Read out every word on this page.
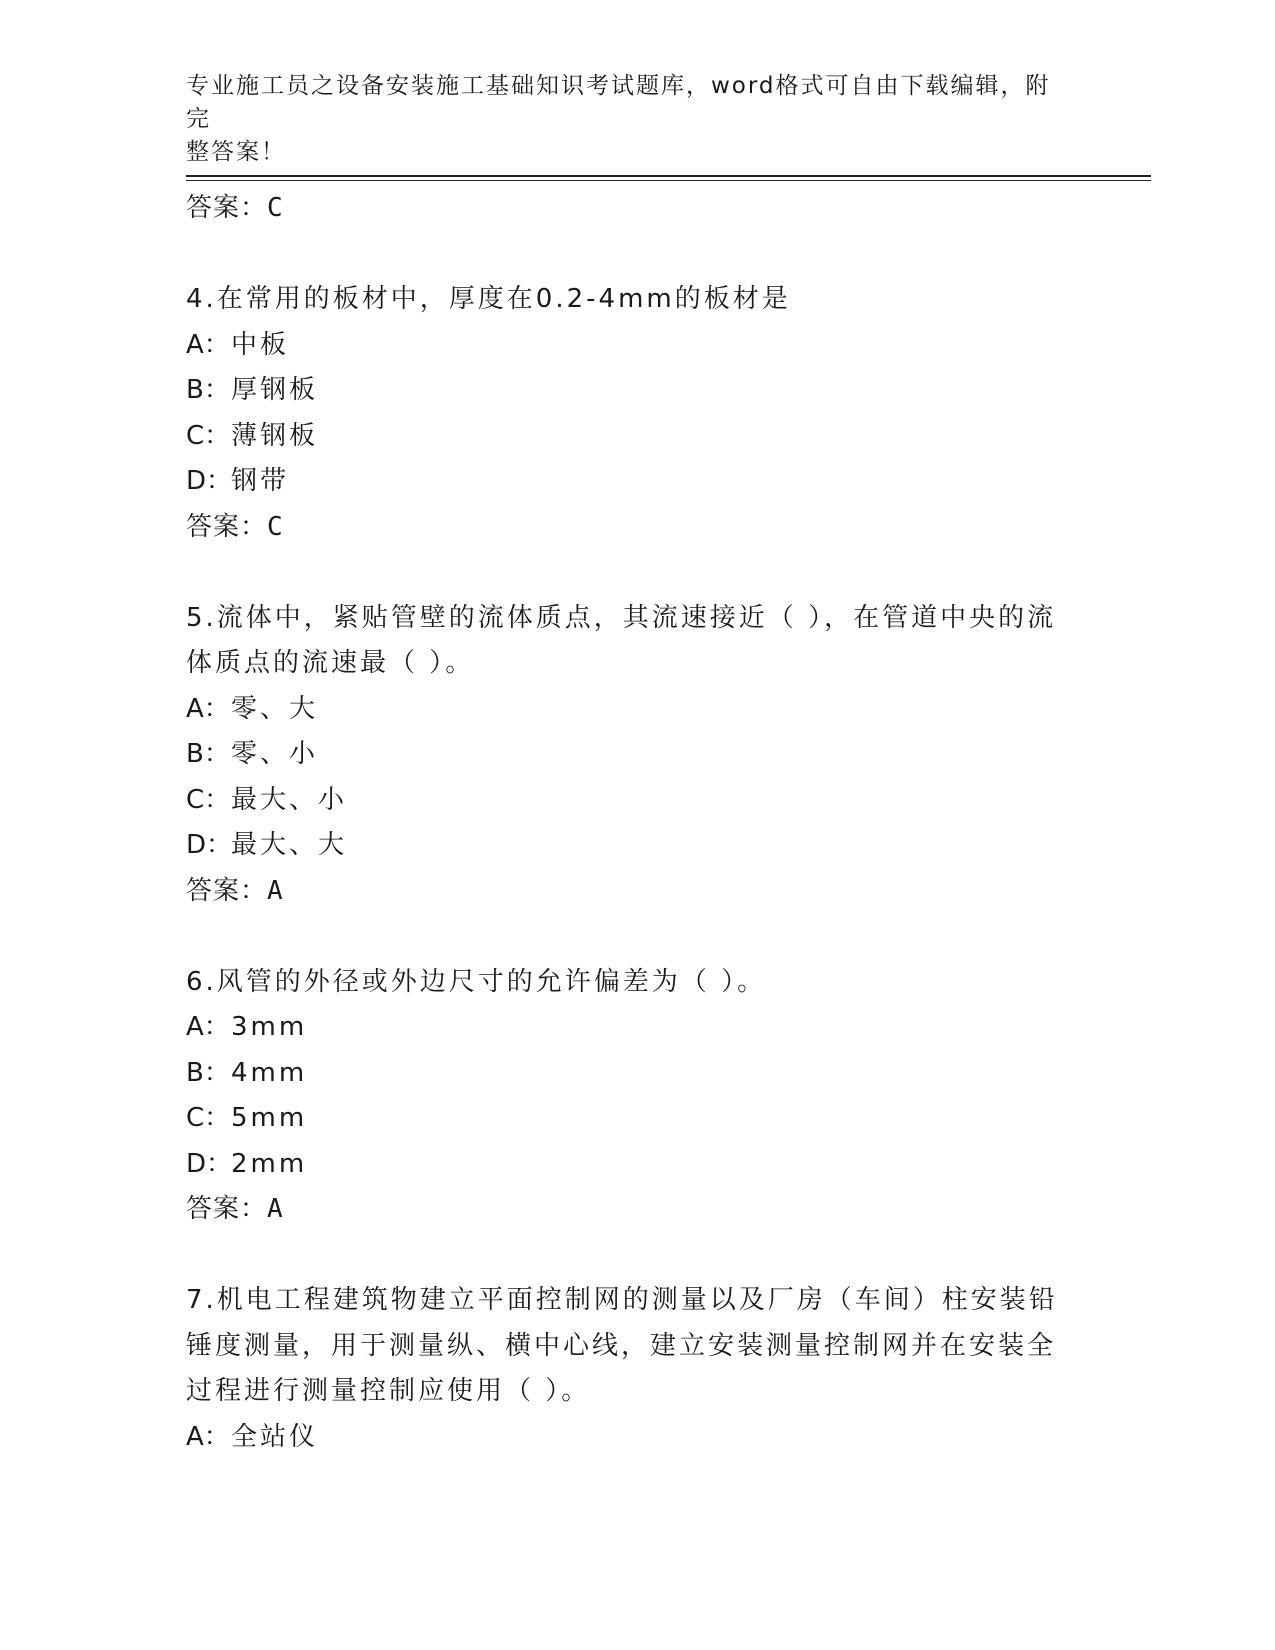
专业施工员之设备安装施工基础知识考试题库，word格式可自由下载编辑，附完
整答案！
答案：C
4.在常用的板材中，厚度在0.2-4mm的板材是
A：中板
B：厚钢板
C：薄钢板
D：钢带
答案：C
5.流体中，紧贴管壁的流体质点，其流速接近（ ），在管道中央的流
体质点的流速最（ ）。
A：零、大
B：零、小
C：最大、小
D：最大、大
答案：A
6.风管的外径或外边尺寸的允许偏差为（ ）。
A：3mm
B：4mm
C：5mm
D：2mm
答案：A
7.机电工程建筑物建立平面控制网的测量以及厂房（车间）柱安装铅
锤度测量，用于测量纵、横中心线，建立安装测量控制网并在安装全
过程进行测量控制应使用（ ）。
A：全站仪
